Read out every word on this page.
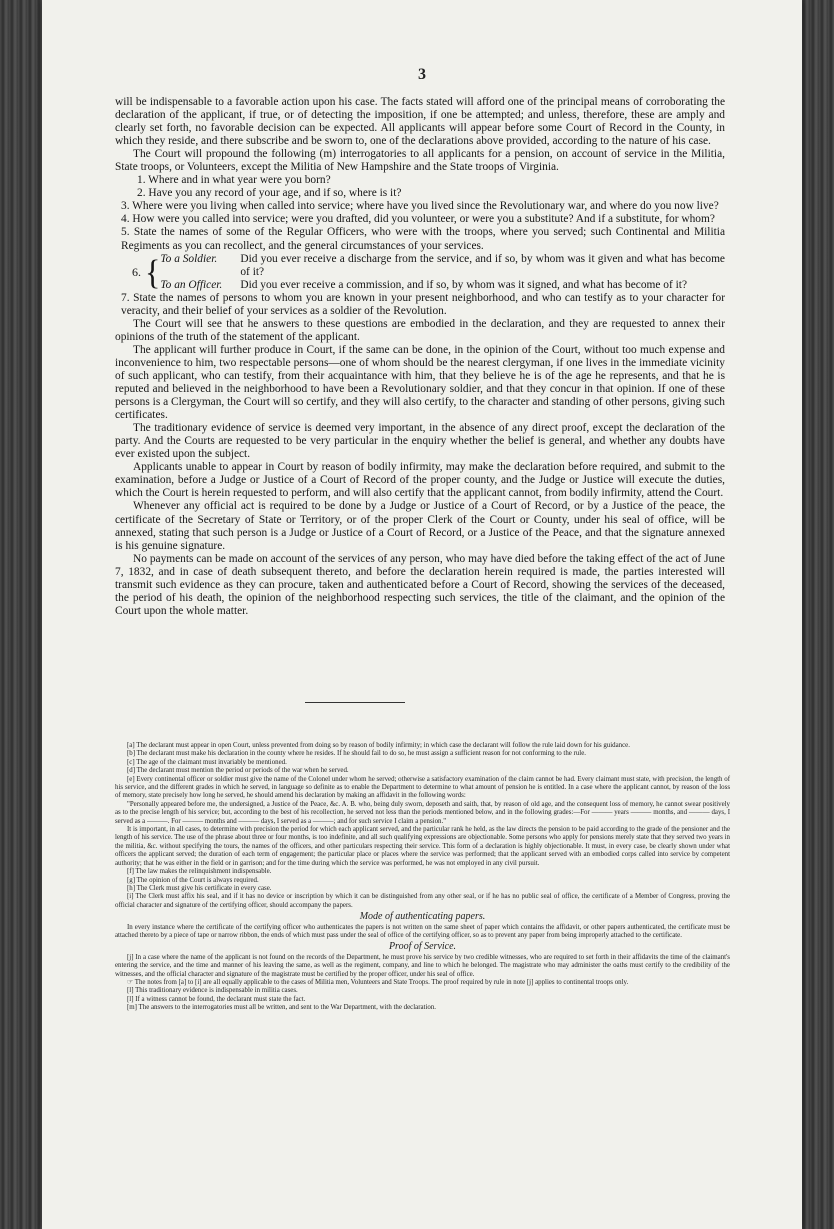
3

will be indispensable to a favorable action upon his case. The facts stated will afford one of the principal means of corroborating the declaration of the applicant, if true, or of detecting the imposition, if one be attempted; and unless, therefore, these are amply and clearly set forth, no favorable decision can be expected. All applicants will appear before some Court of Record in the County, in which they reside, and there subscribe and be sworn to, one of the declarations above provided, according to the nature of his case.

The Court will propound the following (m) interrogatories to all applicants for a pension, on account of service in the Militia, State troops, or Volunteers, except the Militia of New Hampshire and the State troops of Virginia.

1. Where and in what year were you born?

2. Have you any record of your age, and if so, where is it?

3. Where were you living when called into service; where have you lived since the Revolutionary war, and where do you now live?

4. How were you called into service; were you drafted, did you volunteer, or were you a substitute? And if a substitute, for whom?

5. State the names of some of the Regular Officers, who were with the troops, where you served; such Continental and Militia Regiments as you can recollect, and the general circumstances of your services.

6. { To a Soldier.	Did you ever receive a discharge from the service, and if so, by whom was it given and what has become of it?
To an Officer.	Did you ever receive a commission, and if so, by whom was it signed, and what has become of it?

7. State the names of persons to whom you are known in your present neighborhood, and who can testify as to your character for veracity, and their belief of your services as a soldier of the Revolution.

The Court will see that he answers to these questions are embodied in the declaration, and they are requested to annex their opinions of the truth of the statement of the applicant.

The applicant will further produce in Court, if the same can be done, in the opinion of the Court, without too much expense and inconvenience to him, two respectable persons—one of whom should be the nearest clergyman, if one lives in the immediate vicinity of such applicant, who can testify, from their acquaintance with him, that they believe he is of the age he represents, and that he is reputed and believed in the neighborhood to have been a Revolutionary soldier, and that they concur in that opinion. If one of these persons is a Clergyman, the Court will so certify, and they will also certify, to the character and standing of other persons, giving such certificates.

The traditionary evidence of service is deemed very important, in the absence of any direct proof, except the declaration of the party. And the Courts are requested to be very particular in the enquiry whether the belief is general, and whether any doubts have ever existed upon the subject.

Applicants unable to appear in Court by reason of bodily infirmity, may make the declaration before required, and submit to the examination, before a Judge or Justice of a Court of Record of the proper county, and the Judge or Justice will execute the duties, which the Court is herein requested to perform, and will also certify that the applicant cannot, from bodily infirmity, attend the Court.

Whenever any official act is required to be done by a Judge or Justice of a Court of Record, or by a Justice of the peace, the certificate of the Secretary of State or Territory, or of the proper Clerk of the Court or County, under his seal of office, will be annexed, stating that such person is a Judge or Justice of a Court of Record, or a Justice of the Peace, and that the signature annexed is his genuine signature.

No payments can be made on account of the services of any person, who may have died before the taking effect of the act of June 7, 1832, and in case of death subsequent thereto, and before the declaration herein required is made, the parties interested will transmit such evidence as they can procure, taken and authenticated before a Court of Record, showing the services of the deceased, the period of his death, the opinion of the neighborhood respecting such services, the title of the claimant, and the opinion of the Court upon the whole matter.

[a] The declarant must appear in open Court, unless prevented from doing so by reason of bodily infirmity; in which case the declarant will follow the rule laid down for his guidance.

[b] The declarant must make his declaration in the county where he resides. If he should fail to do so, he must assign a sufficient reason for not conforming to the rule.

[c] The age of the claimant must invariably be mentioned.

[d] The declarant must mention the period or periods of the war when he served.

[e] Every continental officer or soldier must give the name of the Colonel under whom he served; otherwise a satisfactory examination of the claim cannot be had. Every claimant must state, with precision, the length of his service, and the different grades in which he served, in language so definite as to enable the Department to determine to what amount of pension he is entitled. In a case where the applicant cannot, by reason of the loss of memory, state precisely how long he served, he should amend his declaration by making an affidavit in the following words:

"Personally appeared before me, the undersigned, a Justice of the Peace, &c. A. B. who, being duly sworn, deposeth and saith, that, by reason of old age, and the consequent loss of memory, he cannot swear positively as to the precise length of his service; but, according to the best of his recollection, he served not less than the periods mentioned below, and in the following grades:—For ——— years ——— months, and ——— days, I served as a ———. For ——— months and ——— days, I served as a ———; and for such service I claim a pension."

It is important, in all cases, to determine with precision the period for which each applicant served, and the particular rank he held, as the law directs the pension to be paid according to the grade of the pensioner and the length of his service. The use of the phrase about three or four months, is too indefinite, and all such qualifying expressions are objectionable. Some persons who apply for pensions merely state that they served two years in the militia, &c. without specifying the tours, the names of the officers, and other particulars respecting their service. This form of a declaration is highly objectionable. It must, in every case, be clearly shown under what officers the applicant served; the duration of each term of engagement; the particular place or places where the service was performed; that the applicant served with an embodied corps called into service by competent authority; that he was either in the field or in garrison; and for the time during which the service was performed, he was not employed in any civil pursuit.

[f] The law makes the relinquishment indispensable.

[g] The opinion of the Court is always required.

[h] The Clerk must give his certificate in every case.

[i] The Clerk must affix his seal, and if it has no device or inscription by which it can be distinguished from any other seal, or if he has no public seal of office, the certificate of a Member of Congress, proving the official character and signature of the certifying officer, should accompany the papers.

Mode of authenticating papers.

In every instance where the certificate of the certifying officer who authenticates the papers is not written on the same sheet of paper which contains the affidavit, or other papers authenticated, the certificate must be attached thereto by a piece of tape or narrow ribbon, the ends of which must pass under the seal of office of the certifying officer, so as to prevent any paper from being improperly attached to the certificate.

Proof of Service.

[j] In a case where the name of the applicant is not found on the records of the Department, he must prove his service by two credible witnesses, who are required to set forth in their affidavits the time of the claimant's entering the service, and the time and manner of his leaving the same, as well as the regiment, company, and line to which he belonged. The magistrate who may administer the oaths must certify to the credibility of the witnesses, and the official character and signature of the magistrate must be certified by the proper officer, under his seal of office.

☞ The notes from [a] to [i] are all equally applicable to the cases of Militia men, Volunteers and State Troops. The proof required by rule in note [j] applies to continental troops only.

[l] This traditionary evidence is indispensable in militia cases.

[l] If a witness cannot be found, the declarant must state the fact.

[m] The answers to the interrogatories must all be written, and sent to the War Department, with the declaration.
